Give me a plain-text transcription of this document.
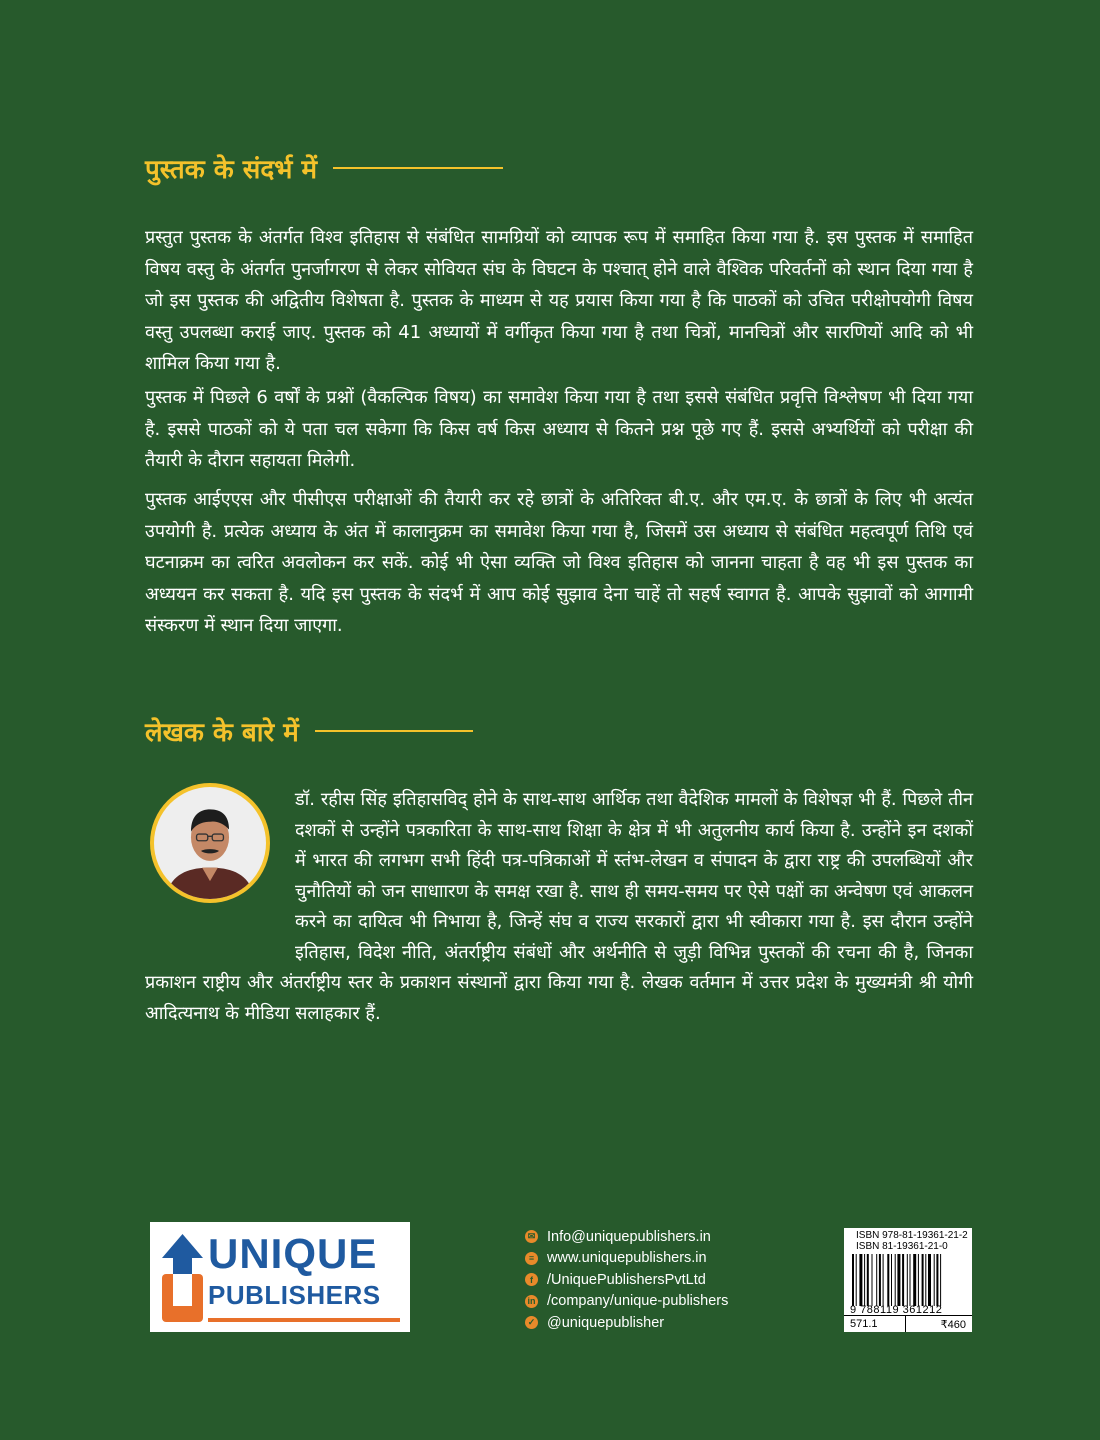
पुस्तक के संदर्भ में

प्रस्तुत पुस्तक के अंतर्गत विश्व इतिहास से संबंधित सामग्रियों को व्यापक रूप में समाहित किया गया है. इस पुस्तक में समाहित विषय वस्तु के अंतर्गत पुनर्जागरण से लेकर सोवियत संघ के विघटन के पश्चात् होने वाले वैश्विक परिवर्तनों को स्थान दिया गया है जो इस पुस्तक की अद्वितीय विशेषता है. पुस्तक के माध्यम से यह प्रयास किया गया है कि पाठकों को उचित परीक्षोपयोगी विषय वस्तु उपलब्धा कराई जाए. पुस्तक को 41 अध्यायों में वर्गीकृत किया गया है तथा चित्रों, मानचित्रों और सारणियों आदि को भी शामिल किया गया है.

पुस्तक में पिछले 6 वर्षों के प्रश्नों (वैकल्पिक विषय) का समावेश किया गया है तथा इससे संबंधित प्रवृत्ति विश्लेषण भी दिया गया है. इससे पाठकों को ये पता चल सकेगा कि किस वर्ष किस अध्याय से कितने प्रश्न पूछे गए हैं. इससे अभ्यर्थियों को परीक्षा की तैयारी के दौरान सहायता मिलेगी.

पुस्तक आईएएस और पीसीएस परीक्षाओं की तैयारी कर रहे छात्रों के अतिरिक्त बी.ए. और एम.ए. के छात्रों के लिए भी अत्यंत उपयोगी है. प्रत्येक अध्याय के अंत में कालानुक्रम का समावेश किया गया है, जिसमें उस अध्याय से संबंधित महत्वपूर्ण तिथि एवं घटनाक्रम का त्वरित अवलोकन कर सकें. कोई भी ऐसा व्यक्ति जो विश्व इतिहास को जानना चाहता है वह भी इस पुस्तक का अध्ययन कर सकता है. यदि इस पुस्तक के संदर्भ में आप कोई सुझाव देना चाहें तो सहर्ष स्वागत है. आपके सुझावों को आगामी संस्करण में स्थान दिया जाएगा.

लेखक के बारे में

डॉ. रहीस सिंह इतिहासविद् होने के साथ-साथ आर्थिक तथा वैदेशिक मामलों के विशेषज्ञ भी हैं. पिछले तीन दशकों से उन्होंने पत्रकारिता के साथ-साथ शिक्षा के क्षेत्र में भी अतुलनीय कार्य किया है. उन्होंने इन दशकों में भारत की लगभग सभी हिंदी पत्र-पत्रिकाओं में स्तंभ-लेखन व संपादन के द्वारा राष्ट्र की उपलब्धियों और चुनौतियों को जन साधाारण के समक्ष रखा है. साथ ही समय-समय पर ऐसे पक्षों का अन्वेषण एवं आकलन करने का दायित्व भी निभाया है, जिन्हें संघ व राज्य सरकारों द्वारा भी स्वीकारा गया है. इस दौरान उन्होंने इतिहास, विदेश नीति, अंतर्राष्ट्रीय संबंधों और अर्थनीति से जुड़ी विभिन्न पुस्तकों की रचना की है, जिनका प्रकाशन राष्ट्रीय और अंतर्राष्ट्रीय स्तर के प्रकाशन संस्थानों द्वारा किया गया है. लेखक वर्तमान में उत्तर प्रदेश के मुख्यमंत्री श्री योगी आदित्यनाथ के मीडिया सलाहकार हैं.

UNIQUE
PUBLISHERS
✉ Info@uniquepublishers.in
≡ www.uniquepublishers.in
f /UniquePublishersPvtLtd
in /company/unique-publishers
✓ @uniquepublisher
ISBN 978-81-19361-21-2
ISBN 81-19361-21-0
9 788119 361212
571.1	₹460
